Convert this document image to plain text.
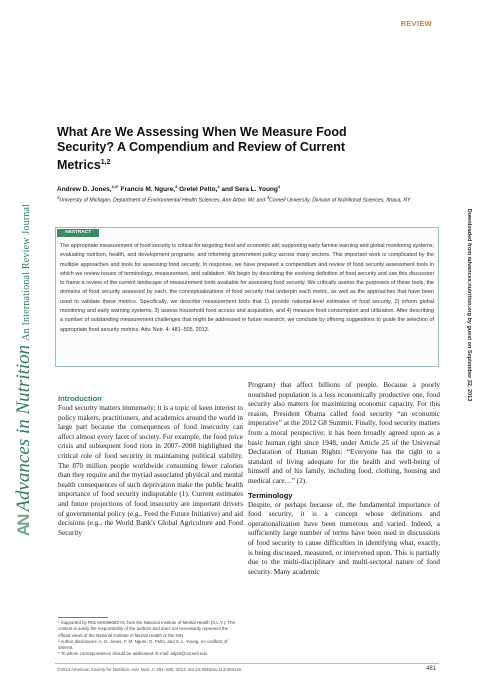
REVIEW
AN Advances in Nutrition An International Review Journal	Downloaded from advances.nutrition.org by guest on September 22, 2013
What Are We Assessing When We Measure Food Security? A Compendium and Review of Current Metrics$^{1,2}$
Andrew D. Jones,$^{3,4*}$ Francis M. Ngure,$^4$ Gretel Pelto,$^4$ and Sera L. Young$^4$
$^3$University of Michigan, Department of Environmental Health Sciences, Ann Arbor, MI; and $^4$Cornell University, Division of Nutritional Sciences, Ithaca, NY
ABSTRACT

The appropriate measurement of food security is critical for targeting food and economic aid; supporting early famine warning and global monitoring systems; evaluating nutrition, health, and development programs; and informing government policy across many sectors. This important work is complicated by the multiple approaches and tools for assessing food security. In response, we have prepared a compendium and review of food security assessment tools in which we review issues of terminology, measurement, and validation. We begin by describing the evolving definition of food security and use this discussion to frame a review of the current landscape of measurement tools available for assessing food security. We critically assess the purpose/s of these tools, the domains of food security assessed by each, the conceptualizations of food security that underpin each metric, as well as the approaches that have been used to validate these metrics. Specifically, we describe measurement tools that 1) provide national-level estimates of food security, 2) inform global monitoring and early warning systems, 3) assess household food access and acquisition, and 4) measure food consumption and utilization. After describing a number of outstanding measurement challenges that might be addressed in future research, we conclude by offering suggestions to guide the selection of appropriate food security metrics. Adv. Nutr. 4: 481–505, 2013.

Introduction

Food security matters immensely; it is a topic of keen interest to policy makers, practitioners, and academics around the world in large part because the consequences of food insecurity can affect almost every facet of society. For example, the food price crisis and subsequent food riots in 2007–2008 highlighted the critical role of food security in maintaining political stability. The 870 million people worldwide consuming fewer calories than they require and the myriad associated physical and mental health consequences of such deprivation make the public health importance of food security indisputable (1). Current estimates and future projections of food insecurity are important drivers of governmental policy (e.g., Feed the Future Initiative) and aid decisions (e.g., the World Bank's Global Agriculture and Food Security

Program) that affect billions of people. Because a poorly nourished population is a less economically productive one, food security also matters for maximizing economic capacity. For this reason, President Obama called food security “an economic imperative” at the 2012 G8 Summit. Finally, food security matters from a moral perspective; it has been broadly agreed upon as a basic human right since 1948, under Article 25 of the Universal Declaration of Human Rights: “Everyone has the right to a standard of living adequate for the health and well-being of himself and of his family, including food, clothing, housing and medical care…” (2).

Terminology

Despite, or perhaps because of, the fundamental importance of food security, it is a concept whose definitions and operationalization have been numerous and varied. Indeed, a sufficiently large number of terms have been used in discussions of food security to cause difficulties in identifying what, exactly, is being discussed, measured, or intervened upon. This is partially due to the multi-disciplinary and multi-sectoral nature of food security. Many academic

¹ Supported by R01 MH098082-01 from the National Institute of Mental Health (S.L.Y.). The content is solely the responsibility of the authors and does not necessarily represent the official views of the National Institute of Mental Health or the NIH.

² Author disclosures: A. D. Jones, F. M. Ngure, G. Pelto, and S. L. Young, no conflicts of interest.

* To whom correspondence should be addressed. E-mail: adj23@cornell.edu.

©2013 American Society for Nutrition. Adv. Nutr. 4: 481–505, 2013; doi:10.3945/an.113.004119.	481
